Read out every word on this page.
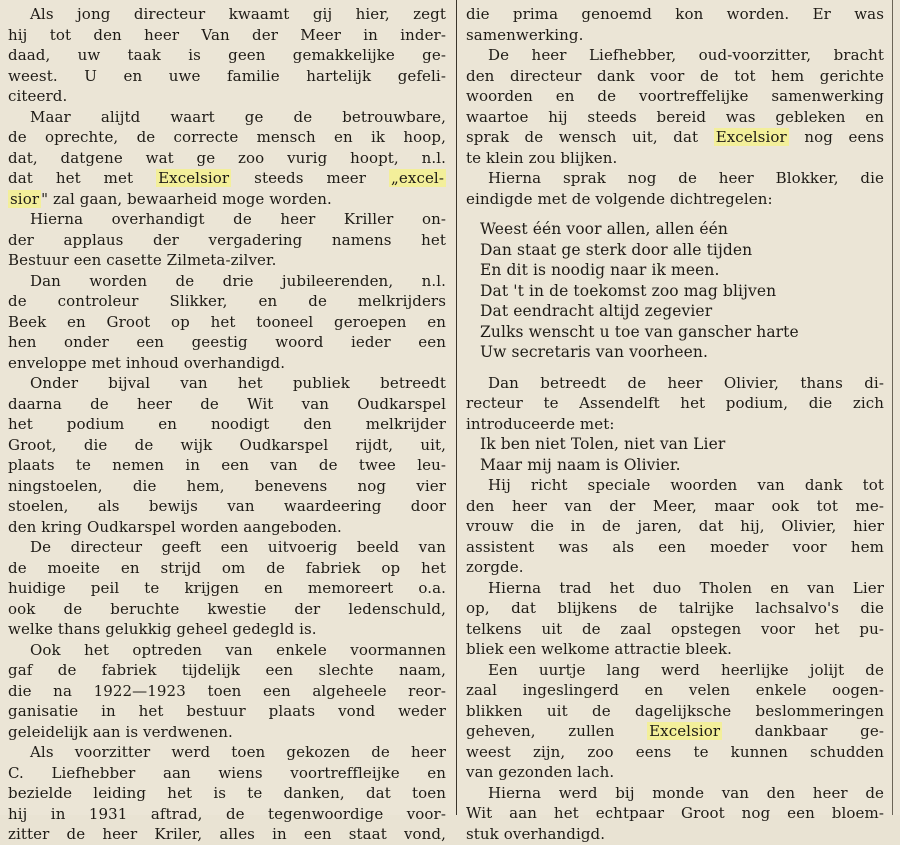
Als jong directeur kwaamt gij hier, zegt
hij tot den heer Van der Meer in inder-
daad, uw taak is geen gemakkelijke ge-
weest. U en uwe familie hartelijk gefeli-
citeerd.
Maar alijtd waart ge de betrouwbare,
de oprechte, de correcte mensch en ik hoop,
dat, datgene wat ge zoo vurig hoopt, n.l.
dat het met Excelsior steeds meer „excel-
sior " zal gaan, bewaarheid moge worden.
Hierna overhandigt de heer Kriller on-
der applaus der vergadering namens het
Bestuur een casette Zilmeta-zilver.
Dan worden de drie jubileerenden, n.l.
de controleur Slikker, en de melkrijders
Beek en Groot op het tooneel geroepen en
hen onder een geestig woord ieder een
enveloppe met inhoud overhandigd.
Onder bijval van het publiek betreedt
daarna de heer de Wit van Oudkarspel
het podium en noodigt den melkrijder
Groot, die de wijk Oudkarspel rijdt, uit,
plaats te nemen in een van de twee leu-
ningstoelen, die hem, benevens nog vier
stoelen, als bewijs van waardeering door
den kring Oudkarspel worden aangeboden.
De directeur geeft een uitvoerig beeld van
de moeite en strijd om de fabriek op het
huidige peil te krijgen en memoreert o.a.
ook de beruchte kwestie der ledenschuld,
welke thans gelukkig geheel gedegld is.
Ook het optreden van enkele voormannen
gaf de fabriek tijdelijk een slechte naam,
die na 1922—1923 toen een algeheele reor-
ganisatie in het bestuur plaats vond weder
geleidelijk aan is verdwenen.
Als voorzitter werd toen gekozen de heer
C. Liefhebber aan wiens voortreffleijke en
bezielde leiding het is te danken, dat toen
hij in 1931 aftrad, de tegenwoordige voor-
zitter de heer Kriler, alles in een staat vond,
die prima genoemd kon worden. Er was
samenwerking.
De heer Liefhebber, oud-voorzitter, bracht
den directeur dank voor de tot hem gerichte
woorden en de voortreffelijke samenwerking
waartoe hij steeds bereid was gebleken en
sprak de wensch uit, dat Excelsior nog eens
te klein zou blijken.
Hierna sprak nog de heer Blokker, die
eindigde met de volgende dichtregelen:
Weest één voor allen, allen één
Dan staat ge sterk door alle tijden
En dit is noodig naar ik meen.
Dat 't in de toekomst zoo mag blijven
Dat eendracht altijd zegevier
Zulks wenscht u toe van ganscher harte
Uw secretaris van voorheen.
Dan betreedt de heer Olivier, thans di-
recteur te Assendelft het podium, die zich
introduceerde met:
Ik ben niet Tolen, niet van Lier
Maar mij naam is Olivier.
Hij richt speciale woorden van dank tot
den heer van der Meer, maar ook tot me-
vrouw die in de jaren, dat hij, Olivier, hier
assistent was als een moeder voor hem
zorgde.
Hierna trad het duo Tholen en van Lier
op, dat blijkens de talrijke lachsalvo's die
telkens uit de zaal opstegen voor het pu-
bliek een welkome attractie bleek.
Een uurtje lang werd heerlijke jolijt de
zaal ingeslingerd en velen enkele oogen-
blikken uit de dagelijksche beslommeringen
geheven, zullen Excelsior dankbaar ge-
weest zijn, zoo eens te kunnen schudden
van gezonden lach.
Hierna werd bij monde van den heer de
Wit aan het echtpaar Groot nog een bloem-
stuk overhandigd.
